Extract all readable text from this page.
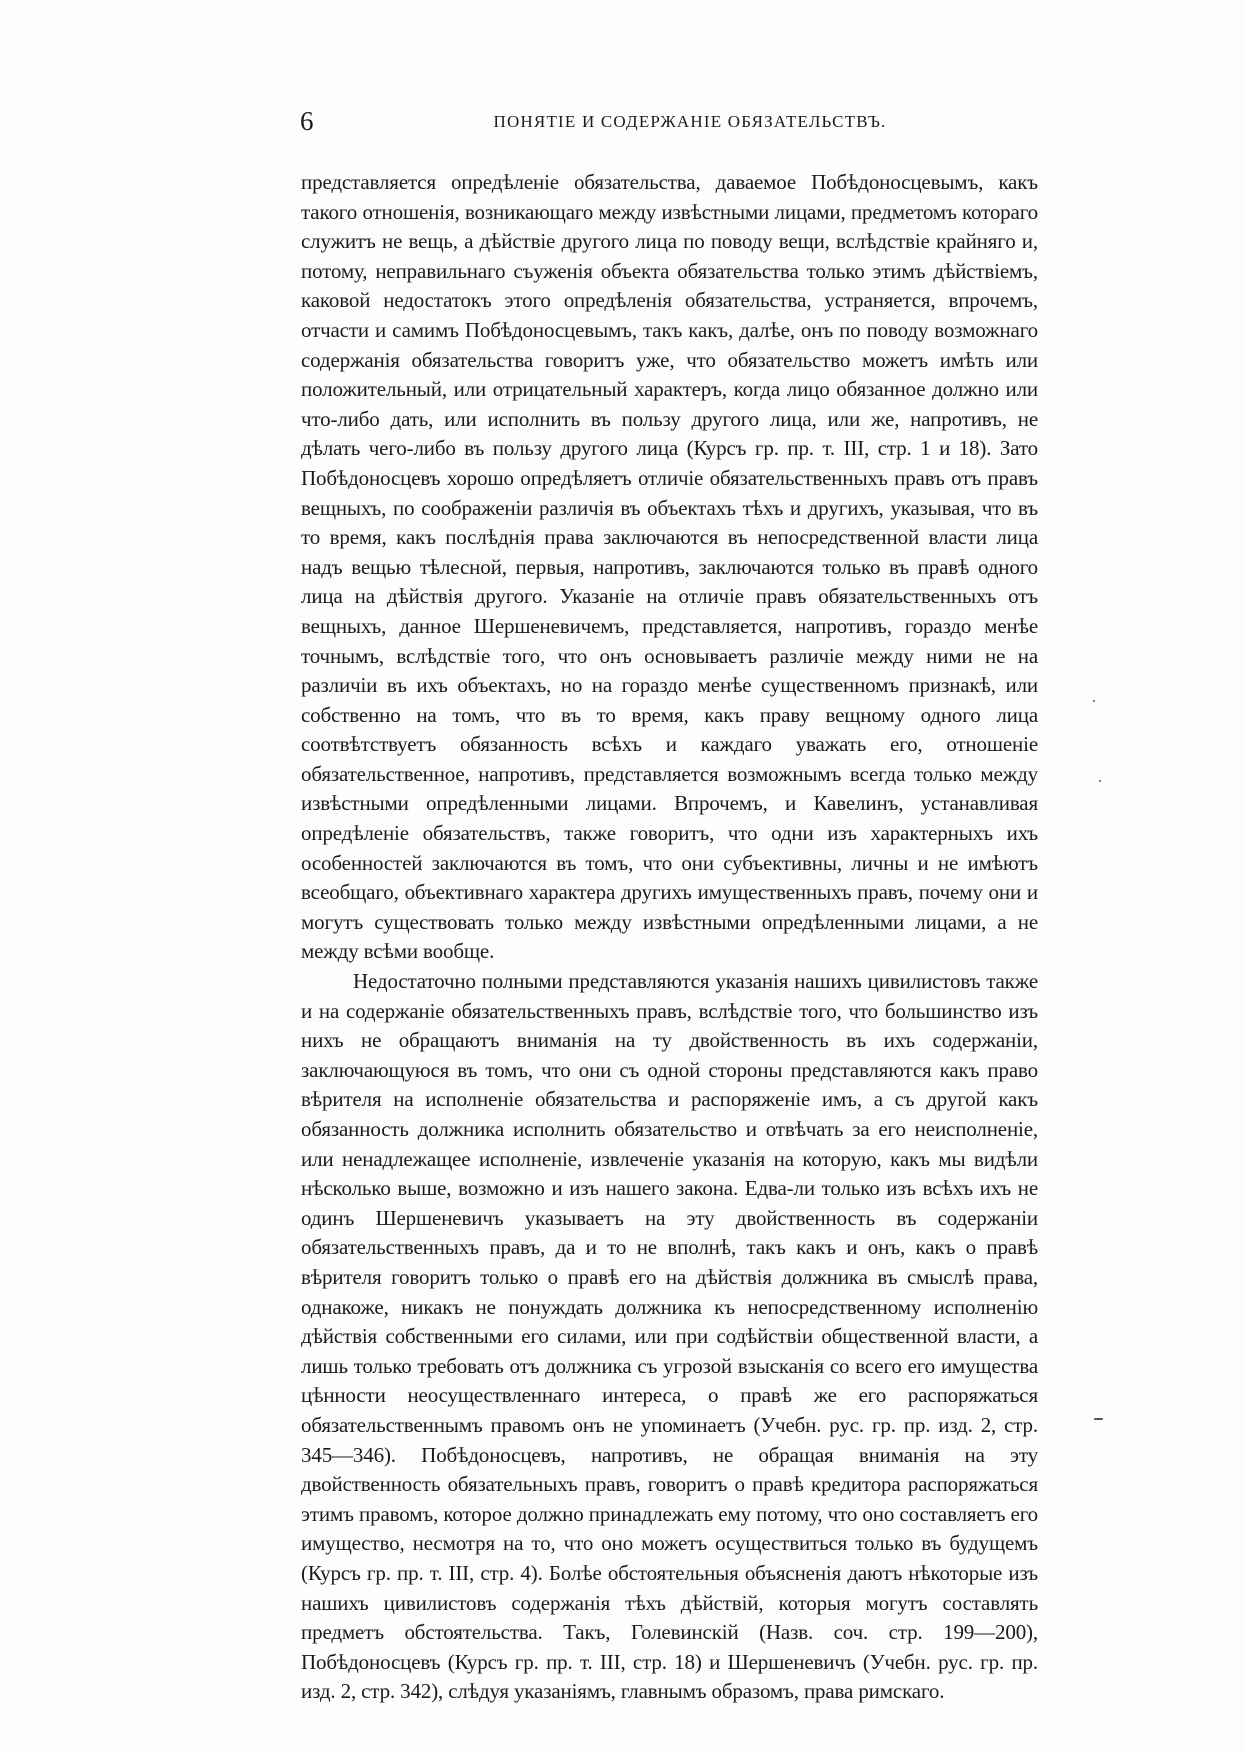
6	ПОНЯТІЕ И СОДЕРЖАНІЕ ОБЯЗАТЕЛЬСТВЪ.

представляется опредѣленіе обязательства, даваемое Побѣдоносцевымъ, какъ такого отношенія, возникающаго между извѣстными лицами, предметомъ котораго служитъ не вещь, а дѣйствіе другого лица по поводу вещи, вслѣдствіе крайняго и, потому, неправильнаго съуженія объекта обязательства только этимъ дѣйствіемъ, каковой недостатокъ этого опредѣленія обязательства, устраняется, впрочемъ, отчасти и самимъ Побѣдоносцевымъ, такъ какъ, далѣе, онъ по поводу возможнаго содержанія обязательства говоритъ уже, что обязательство можетъ имѣть или положительный, или отрицательный характеръ, когда лицо обязанное должно или что-либо дать, или исполнить въ пользу другого лица, или же, напротивъ, не дѣлать чего-либо въ пользу другого лица (Курсъ гр. пр. т. III, стр. 1 и 18). Зато Побѣдоносцевъ хорошо опредѣляетъ отличіе обязательственныхъ правъ отъ правъ вещныхъ, по соображеніи различія въ объектахъ тѣхъ и другихъ, указывая, что въ то время, какъ послѣднія права заключаются въ непосредственной власти лица надъ вещью тѣлесной, первыя, напротивъ, заключаются только въ правѣ одного лица на дѣйствія другого. Указаніе на отличіе правъ обязательственныхъ отъ вещныхъ, данное Шершеневичемъ, представляется, напротивъ, гораздо менѣе точнымъ, вслѣдствіе того, что онъ основываетъ различіе между ними не на различіи въ ихъ объектахъ, но на гораздо менѣе существенномъ признакѣ, или собственно на томъ, что въ то время, какъ праву вещному одного лица соотвѣтствуетъ обязанность всѣхъ и каждаго уважать его, отношеніе обязательственное, напротивъ, представляется возможнымъ всегда только между извѣстными опредѣленными лицами. Впрочемъ, и Кавелинъ, устанавливая опредѣленіе обязательствъ, также говоритъ, что одни изъ характерныхъ ихъ особенностей заключаются въ томъ, что они субъективны, личны и не имѣютъ всеобщаго, объективнаго характера другихъ имущественныхъ правъ, почему они и могутъ существовать только между извѣстными опредѣленными лицами, а не между всѣми вообще.

Недостаточно полными представляются указанія нашихъ цивилистовъ также и на содержаніе обязательственныхъ правъ, вслѣдствіе того, что большинство изъ нихъ не обращаютъ вниманія на ту двойственность въ ихъ содержаніи, заключающуюся въ томъ, что они съ одной стороны представляются какъ право вѣрителя на исполненіе обязательства и распоряженіе имъ, а съ другой какъ обязанность должника исполнить обязательство и отвѣчать за его неисполненіе, или ненадлежащее исполненіе, извлеченіе указанія на которую, какъ мы видѣли нѣсколько выше, возможно и изъ нашего закона. Едва-ли только изъ всѣхъ ихъ не одинъ Шершеневичъ указываетъ на эту двойственность въ содержаніи обязательственныхъ правъ, да и то не вполнѣ, такъ какъ и онъ, какъ о правѣ вѣрителя говоритъ только о правѣ его на дѣйствія должника въ смыслѣ права, однакоже, никакъ не понуждать должника къ непосредственному исполненію дѣйствія собственными его силами, или при содѣйствіи общественной власти, а лишь только требовать отъ должника съ угрозой взысканія со всего его имущества цѣнности неосуществленнаго интереса, о правѣ же его распоряжаться обязательственнымъ правомъ онъ не упоминаетъ (Учебн. рус. гр. пр. изд. 2, стр. 345—346). Побѣдоносцевъ, напротивъ, не обращая вниманія на эту двойственность обязательныхъ правъ, говоритъ о правѣ кредитора распоряжаться этимъ правомъ, которое должно принадлежать ему потому, что оно составляетъ его имущество, несмотря на то, что оно можетъ осуществиться только въ будущемъ (Курсъ гр. пр. т. III, стр. 4). Болѣе обстоятельныя объясненія даютъ нѣкоторые изъ нашихъ цивилистовъ содержанія тѣхъ дѣйствій, которыя могутъ составлять предметъ обстоятельства. Такъ, Голевинскій (Назв. соч. стр. 199—200), Побѣдоносцевъ (Курсъ гр. пр. т. III, стр. 18) и Шершеневичъ (Учебн. рус. гр. пр. изд. 2, стр. 342), слѣдуя указаніямъ, главнымъ образомъ, права римскаго.
